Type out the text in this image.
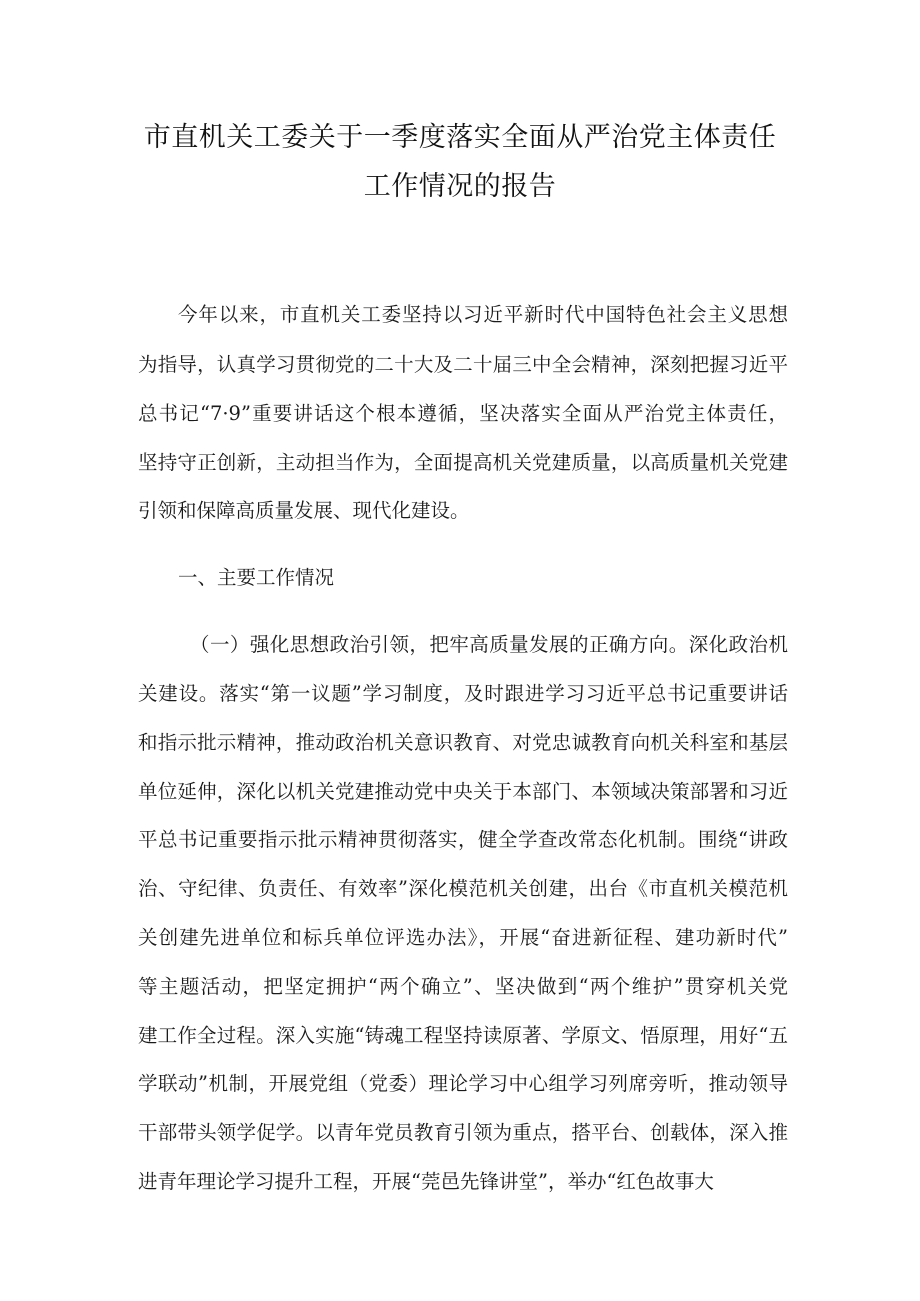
市直机关工委关于一季度落实全面从严治党主体责任
工作情况的报告
今年以来，市直机关工委坚持以习近平新时代中国特色社会主义思想
为指导，认真学习贯彻党的二十大及二十届三中全会精神，深刻把握习近平
总书记“7·9”重要讲话这个根本遵循，坚决落实全面从严治党主体责任，
坚持守正创新，主动担当作为，全面提高机关党建质量，以高质量机关党建
引领和保障高质量发展、现代化建设。
一、主要工作情况
（一）强化思想政治引领，把牢高质量发展的正确方向。深化政治机
关建设。落实“第一议题”学习制度，及时跟进学习习近平总书记重要讲话
和指示批示精神，推动政治机关意识教育、对党忠诚教育向机关科室和基层
单位延伸，深化以机关党建推动党中央关于本部门、本领域决策部署和习近
平总书记重要指示批示精神贯彻落实，健全学查改常态化机制。围绕“讲政
治、守纪律、负责任、有效率”深化模范机关创建，出台《市直机关模范机
关创建先进单位和标兵单位评选办法》，开展“奋进新征程、建功新时代”
等主题活动，把坚定拥护“两个确立”、坚决做到“两个维护”贯穿机关党
建工作全过程。深入实施“铸魂工程坚持读原著、学原文、悟原理，用好“五
学联动”机制，开展党组（党委）理论学习中心组学习列席旁听，推动领导
干部带头领学促学。以青年党员教育引领为重点，搭平台、创载体，深入推
进青年理论学习提升工程，开展“莞邑先锋讲堂”，举办“红色故事大
